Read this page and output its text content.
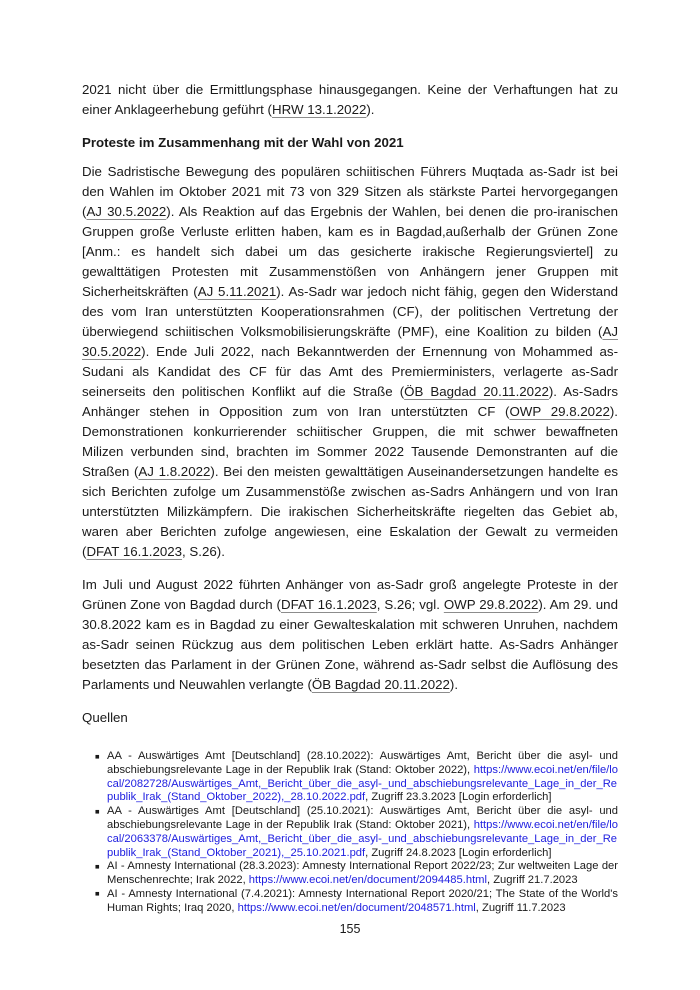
2021 nicht über die Ermittlungsphase hinausgegangen. Keine der Verhaftungen hat zu einer Anklageerhebung geführt (HRW 13.1.2022).

Proteste im Zusammenhang mit der Wahl von 2021

Die Sadristische Bewegung des populären schiitischen Führers Muqtada as-Sadr ist bei den Wahlen im Oktober 2021 mit 73 von 329 Sitzen als stärkste Partei hervorgegangen (AJ 30.5.2022). Als Reaktion auf das Ergebnis der Wahlen, bei denen die pro-iranischen Gruppen große Verluste erlitten haben, kam es in Bagdad,außerhalb der Grünen Zone [Anm.: es handelt sich dabei um das gesicherte irakische Regierungsviertel] zu gewalttätigen Protesten mit Zusammenstößen von Anhängern jener Gruppen mit Sicherheitskräften (AJ 5.11.2021). As-Sadr war jedoch nicht fähig, gegen den Widerstand des vom Iran unterstützten Kooperationsrahmen (CF), der politischen Vertretung der überwiegend schiitischen Volksmobilisierungskräfte (PMF), eine Koalition zu bilden (AJ 30.5.2022). Ende Juli 2022, nach Bekanntwerden der Ernennung von Mohammed as-Sudani als Kandidat des CF für das Amt des Premierministers, verlagerte as-Sadr seinerseits den politischen Konflikt auf die Straße (ÖB Bagdad 20.11.2022). As-Sadrs Anhänger stehen in Opposition zum von Iran unterstützten CF (OWP 29.8.2022). Demonstrationen konkurrierender schiitischer Gruppen, die mit schwer bewaffneten Milizen verbunden sind, brachten im Sommer 2022 Tausende Demonstranten auf die Straßen (AJ 1.8.2022). Bei den meisten gewalttätigen Auseinandersetzungen handelte es sich Berichten zufolge um Zusammenstöße zwischen as-Sadrs Anhängern und von Iran unterstützten Milizkämpfern. Die irakischen Sicherheitskräfte riegelten das Gebiet ab, waren aber Berichten zufolge angewiesen, eine Eskalation der Gewalt zu vermeiden (DFAT 16.1.2023, S.26).

Im Juli und August 2022 führten Anhänger von as-Sadr groß angelegte Proteste in der Grünen Zone von Bagdad durch (DFAT 16.1.2023, S.26; vgl. OWP 29.8.2022). Am 29. und 30.8.2022 kam es in Bagdad zu einer Gewalteskalation mit schweren Unruhen, nachdem as-Sadr seinen Rückzug aus dem politischen Leben erklärt hatte. As-Sadrs Anhänger besetzten das Parlament in der Grünen Zone, während as-Sadr selbst die Auflösung des Parlaments und Neuwahlen verlangte (ÖB Bagdad 20.11.2022).

Quellen

■ AA - Auswärtiges Amt [Deutschland] (28.10.2022): Auswärtiges Amt, Bericht über die asyl- und abschiebungsrelevante Lage in der Republik Irak (Stand: Oktober 2022), https://www.ecoi.net/en/file/local/2082728/Auswärtiges_Amt,_Bericht_über_die_asyl-_und_abschiebungsrelevante_Lage_in_der_Republik_Irak_(Stand_Oktober_2022),_28.10.2022.pdf, Zugriff 23.3.2023 [Login erforderlich]
■ AA - Auswärtiges Amt [Deutschland] (25.10.2021): Auswärtiges Amt, Bericht über die asyl- und abschiebungsrelevante Lage in der Republik Irak (Stand: Oktober 2021), https://www.ecoi.net/en/file/local/2063378/Auswärtiges_Amt,_Bericht_über_die_asyl-_und_abschiebungsrelevante_Lage_in_der_Republik_Irak_(Stand_Oktober_2021),_25.10.2021.pdf, Zugriff 24.8.2023 [Login erforderlich]
■ AI - Amnesty International (28.3.2023): Amnesty International Report 2022/23; Zur weltweiten Lage der Menschenrechte; Irak 2022, https://www.ecoi.net/en/document/2094485.html, Zugriff 21.7.2023
■ AI - Amnesty International (7.4.2021): Amnesty International Report 2020/21; The State of the World's Human Rights; Iraq 2020, https://www.ecoi.net/en/document/2048571.html, Zugriff 11.7.2023
155
